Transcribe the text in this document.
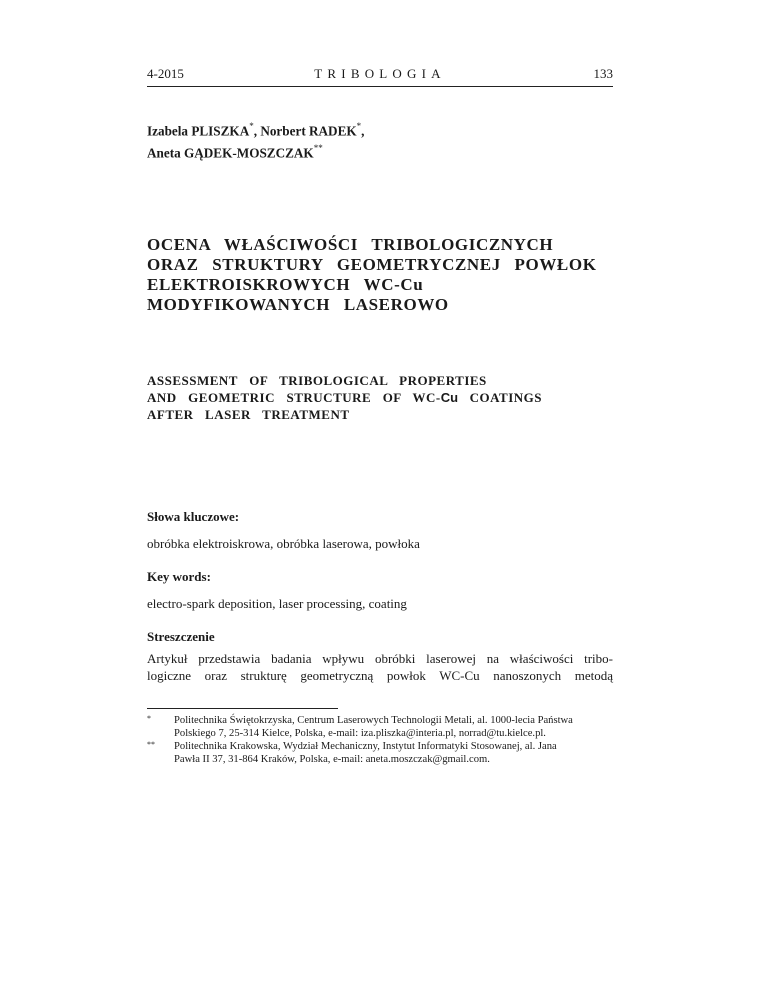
4-2015	TRIBOLOGIA	133
Izabela PLISZKA*, Norbert RADEK*,
Aneta GĄDEK-MOSZCZAK**
OCENA  WŁAŚCIWOŚCI  TRIBOLOGICZNYCH
ORAZ  STRUKTURY  GEOMETRYCZNEJ  POWŁOK
ELEKTROISKROWYCH  WC-Cu
MODYFIKOWANYCH  LASEROWO
ASSESSMENT  OF  TRIBOLOGICAL  PROPERTIES
AND  GEOMETRIC  STRUCTURE  OF  WC-Cu  COATINGS
AFTER  LASER  TREATMENT
Słowa kluczowe:
obróbka elektroiskrowa, obróbka laserowa, powłoka
Key words:
electro-spark deposition, laser processing, coating
Streszczenie
Artykuł przedstawia badania wpływu obróbki laserowej na właściwości tribo-
logiczne oraz strukturę geometryczną powłok WC-Cu nanoszonych metodą
* Politechnika Świętokrzyska, Centrum Laserowych Technologii Metali, al. 1000-lecia Państwa
Polskiego 7, 25-314 Kielce, Polska, e-mail: iza.pliszka@interia.pl, norrad@tu.kielce.pl.
** Politechnika Krakowska, Wydział Mechaniczny, Instytut Informatyki Stosowanej, al. Jana
Pawła II 37, 31-864 Kraków, Polska, e-mail: aneta.moszczak@gmail.com.
